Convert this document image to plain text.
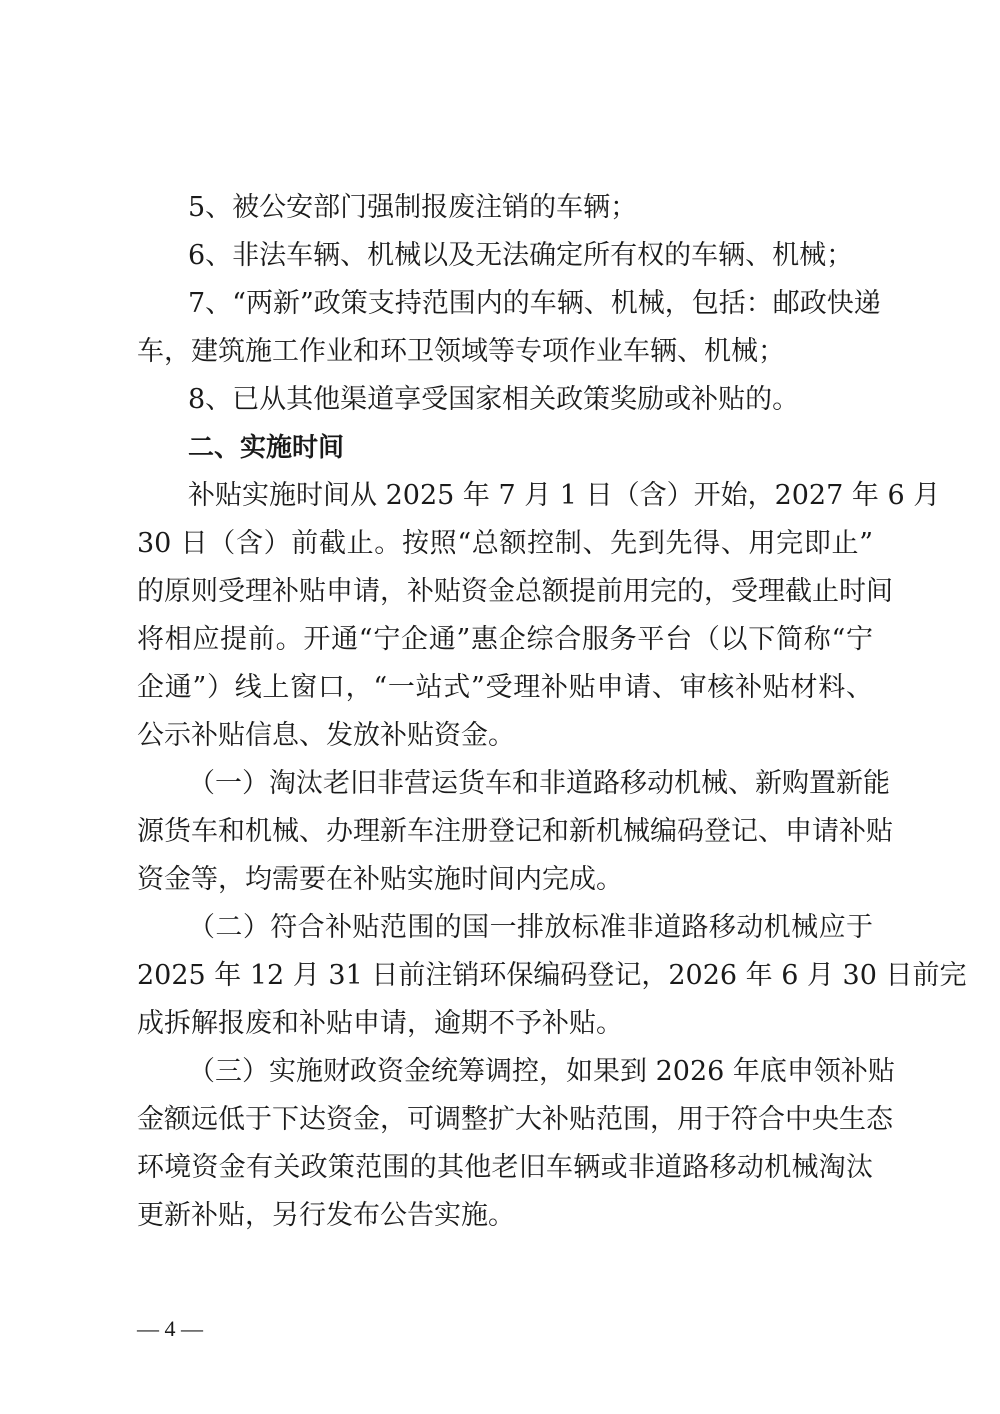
5、被公安部门强制报废注销的车辆；
6、非法车辆、机械以及无法确定所有权的车辆、机械；
7、“两新”政策支持范围内的车辆、机械，包括：邮政快递
车，建筑施工作业和环卫领域等专项作业车辆、机械；
8、已从其他渠道享受国家相关政策奖励或补贴的。
二、实施时间
补贴实施时间从 2025 年 7 月 1 日（含）开始，2027 年 6 月
30 日（含）前截止。按照“总额控制、先到先得、用完即止”
的原则受理补贴申请，补贴资金总额提前用完的，受理截止时间
将相应提前。开通“宁企通”惠企综合服务平台（以下简称“宁
企通”）线上窗口，“一站式”受理补贴申请、审核补贴材料、
公示补贴信息、发放补贴资金。
（一）淘汰老旧非营运货车和非道路移动机械、新购置新能
源货车和机械、办理新车注册登记和新机械编码登记、申请补贴
资金等，均需要在补贴实施时间内完成。
（二）符合补贴范围的国一排放标准非道路移动机械应于
2025 年 12 月 31 日前注销环保编码登记，2026 年 6 月 30 日前完
成拆解报废和补贴申请，逾期不予补贴。
（三）实施财政资金统筹调控，如果到 2026 年底申领补贴
金额远低于下达资金，可调整扩大补贴范围，用于符合中央生态
环境资金有关政策范围的其他老旧车辆或非道路移动机械淘汰
更新补贴，另行发布公告实施。
— 4 —
